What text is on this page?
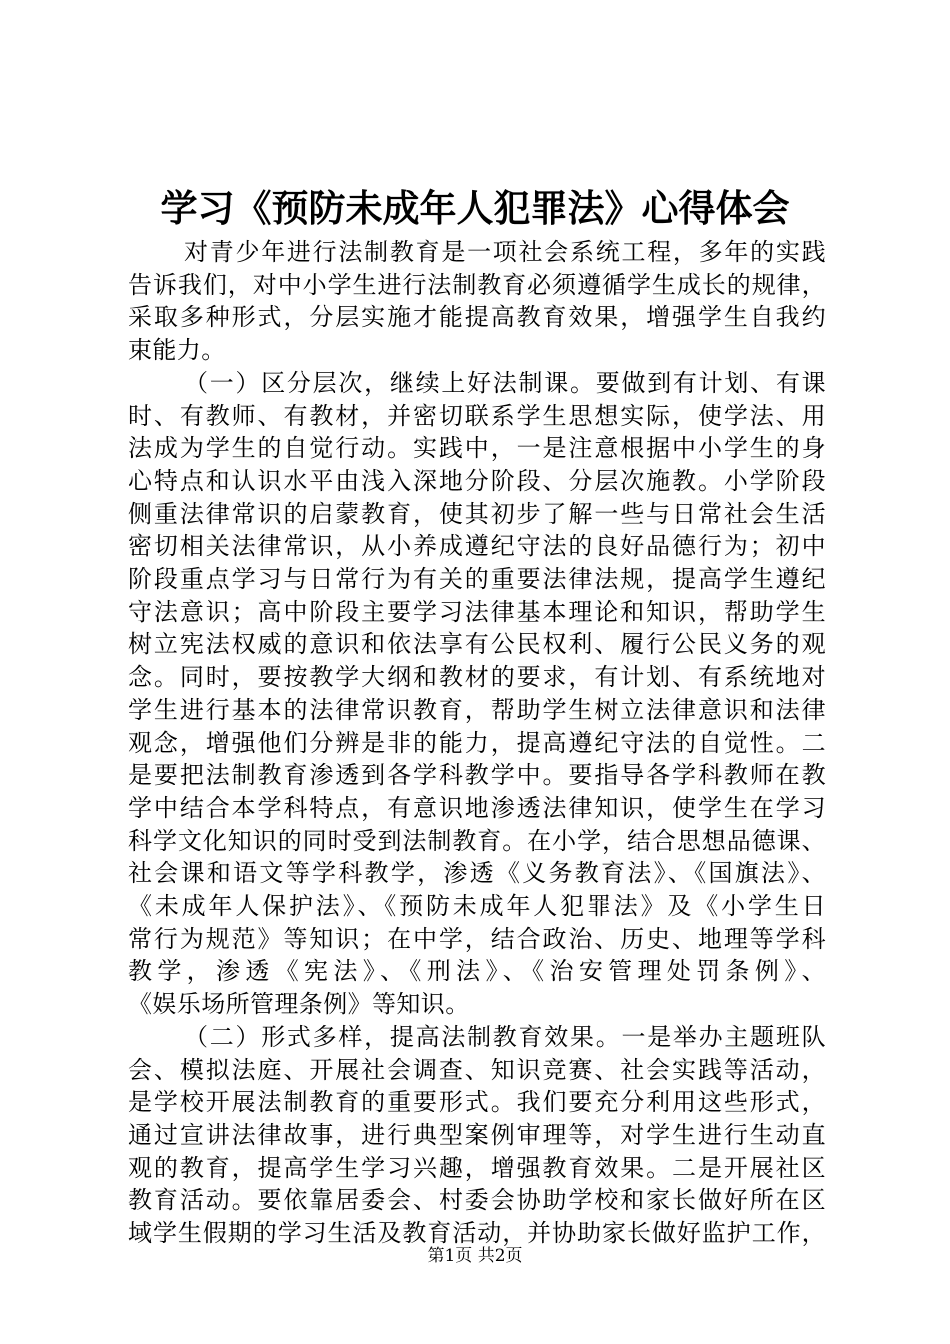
学习《预防未成年人犯罪法》心得体会

对青少年进行法制教育是一项社会系统工程，多年的实践
告诉我们，对中小学生进行法制教育必须遵循学生成长的规律，
采取多种形式，分层实施才能提高教育效果，增强学生自我约
束能力。

（一）区分层次，继续上好法制课。要做到有计划、有课
时、有教师、有教材，并密切联系学生思想实际，使学法、用
法成为学生的自觉行动。实践中，一是注意根据中小学生的身
心特点和认识水平由浅入深地分阶段、分层次施教。小学阶段
侧重法律常识的启蒙教育，使其初步了解一些与日常社会生活
密切相关法律常识，从小养成遵纪守法的良好品德行为；初中
阶段重点学习与日常行为有关的重要法律法规，提高学生遵纪
守法意识；高中阶段主要学习法律基本理论和知识，帮助学生
树立宪法权威的意识和依法享有公民权利、履行公民义务的观
念。同时，要按教学大纲和教材的要求，有计划、有系统地对
学生进行基本的法律常识教育，帮助学生树立法律意识和法律
观念，增强他们分辨是非的能力，提高遵纪守法的自觉性。二
是要把法制教育渗透到各学科教学中。要指导各学科教师在教
学中结合本学科特点，有意识地渗透法律知识，使学生在学习
科学文化知识的同时受到法制教育。在小学，结合思想品德课、
社会课和语文等学科教学，渗透《义务教育法》、《国旗法》、
《未成年人保护法》、《预防未成年人犯罪法》及《小学生日
常行为规范》等知识；在中学，结合政治、历史、地理等学科
教学，渗透《宪法》、《刑法》、《治安管理处罚条例》、
《娱乐场所管理条例》等知识。

（二）形式多样，提高法制教育效果。一是举办主题班队
会、模拟法庭、开展社会调查、知识竞赛、社会实践等活动，
是学校开展法制教育的重要形式。我们要充分利用这些形式，
通过宣讲法律故事，进行典型案例审理等，对学生进行生动直
观的教育，提高学生学习兴趣，增强教育效果。二是开展社区
教育活动。要依靠居委会、村委会协助学校和家长做好所在区
域学生假期的学习生活及教育活动，并协助家长做好监护工作，

第1页 共2页
